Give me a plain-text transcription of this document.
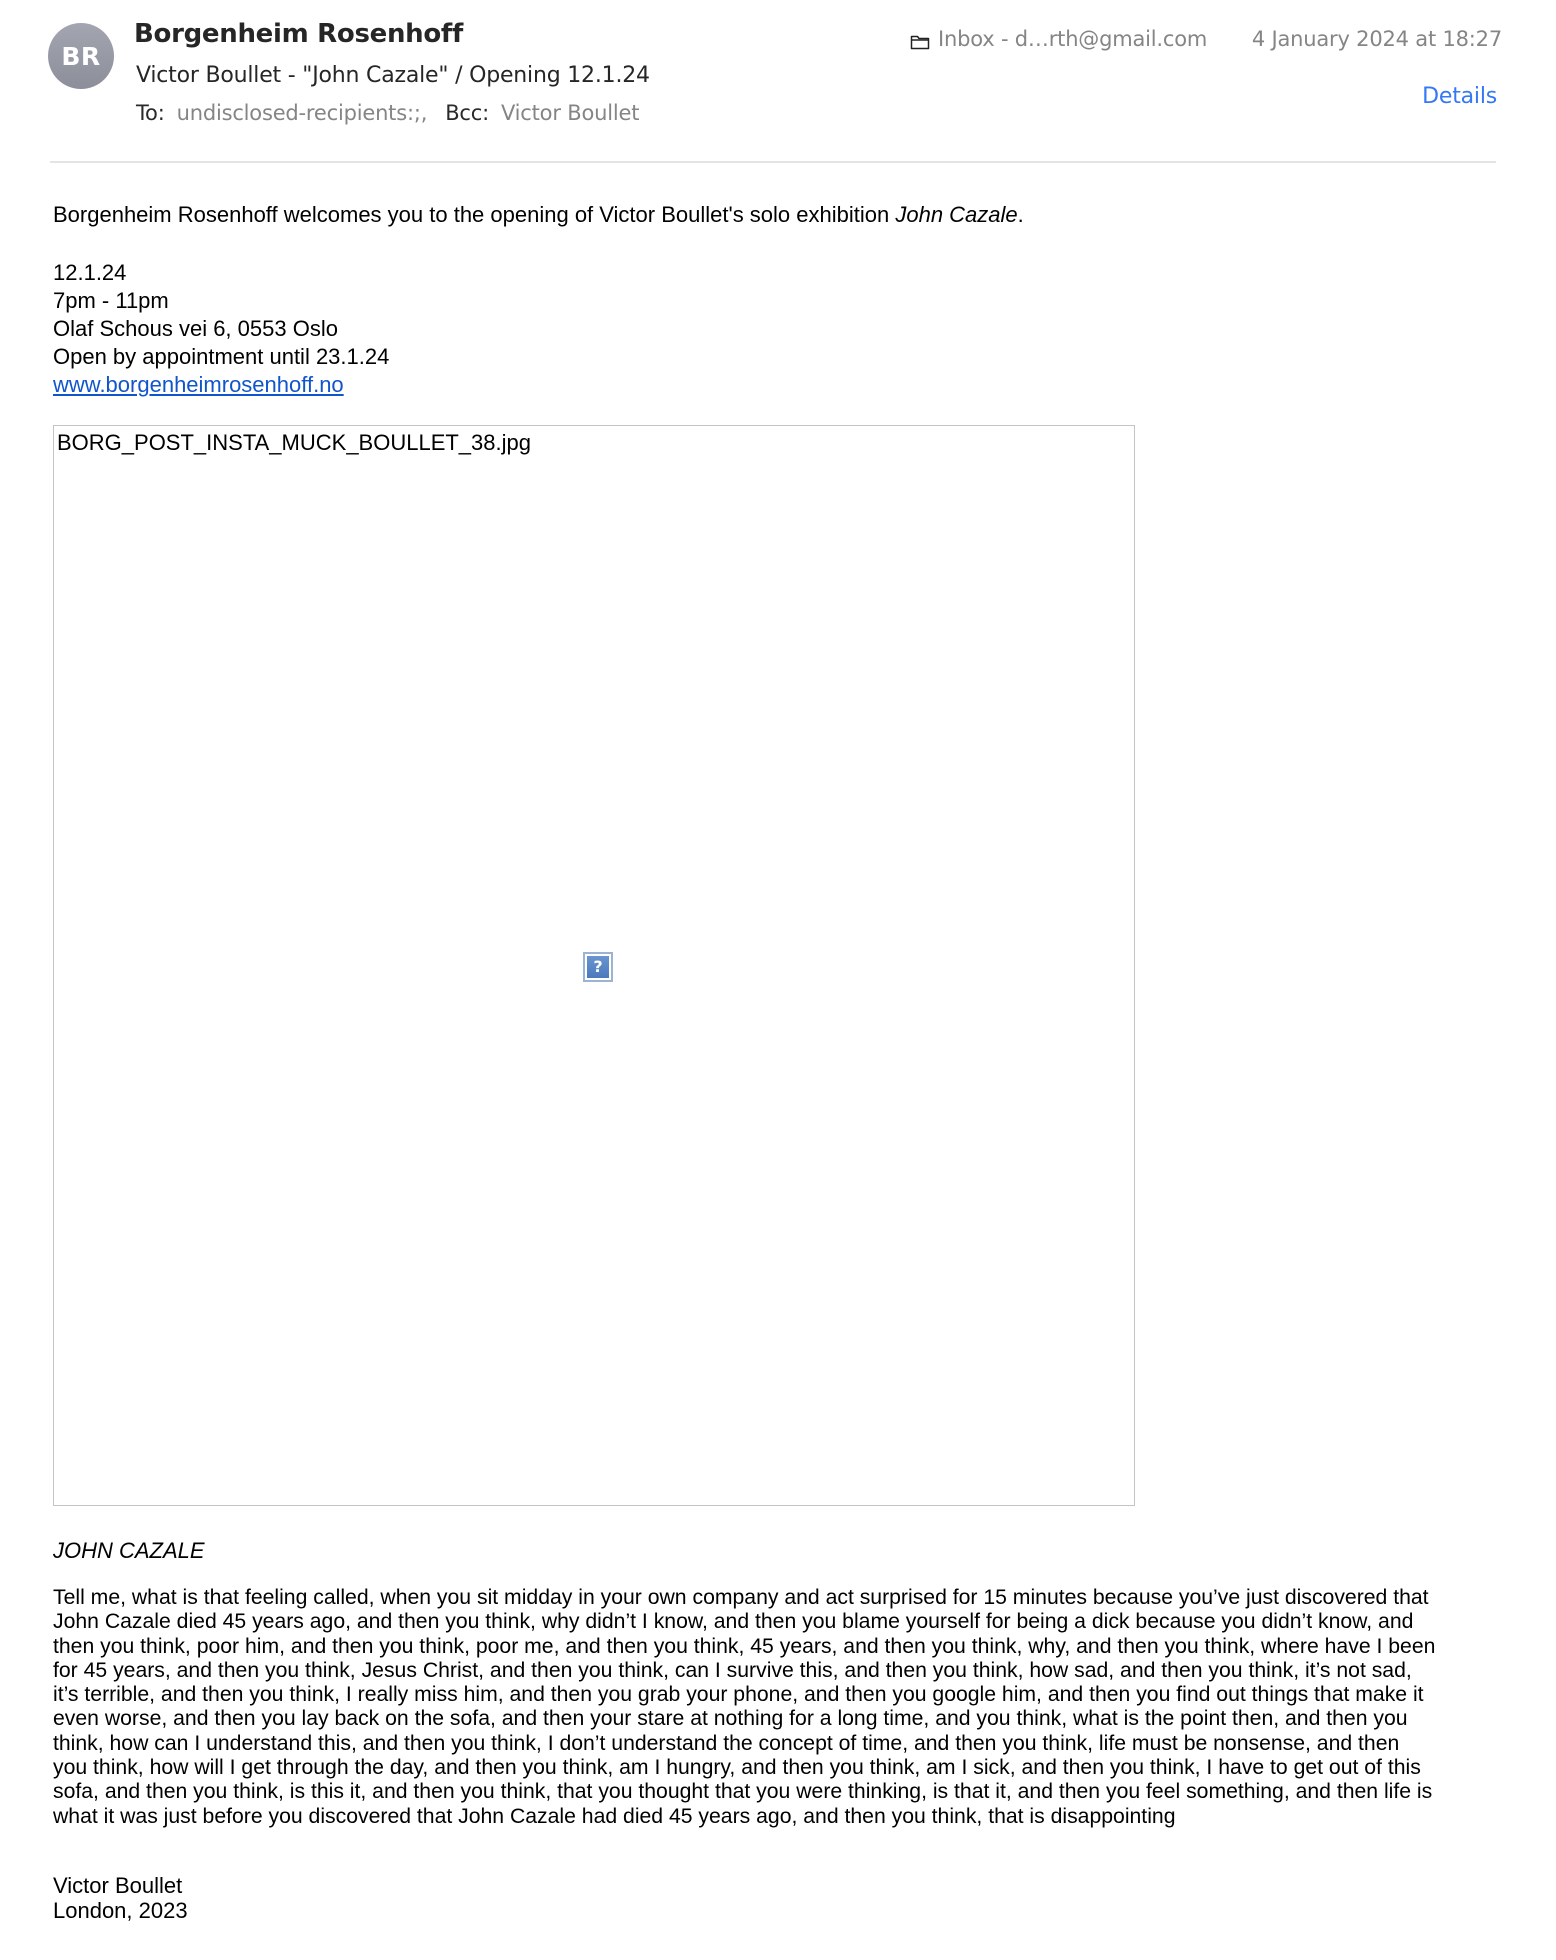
BR
Borgenheim Rosenhoff
Victor Boullet - "John Cazale" / Opening 12.1.24
To: undisclosed-recipients:;, Bcc: Victor Boullet
Inbox - d…rth@gmail.com 4 January 2024 at 18:27
Details
Borgenheim Rosenhoff welcomes you to the opening of Victor Boullet's solo exhibition John Cazale.
12.1.24
7pm - 11pm
Olaf Schous vei 6, 0553 Oslo
Open by appointment until 23.1.24
www.borgenheimrosenhoff.no
BORG_POST_INSTA_MUCK_BOULLET_38.jpg
?
JOHN CAZALE
Tell me, what is that feeling called, when you sit midday in your own company and act surprised for 15 minutes because you’ve just discovered that
John Cazale died 45 years ago, and then you think, why didn’t I know, and then you blame yourself for being a dick because you didn’t know, and
then you think, poor him, and then you think, poor me, and then you think, 45 years, and then you think, why, and then you think, where have I been
for 45 years, and then you think, Jesus Christ, and then you think, can I survive this, and then you think, how sad, and then you think, it’s not sad,
it’s terrible, and then you think, I really miss him, and then you grab your phone, and then you google him, and then you find out things that make it
even worse, and then you lay back on the sofa, and then your stare at nothing for a long time, and you think, what is the point then, and then you
think, how can I understand this, and then you think, I don’t understand the concept of time, and then you think, life must be nonsense, and then
you think, how will I get through the day, and then you think, am I hungry, and then you think, am I sick, and then you think, I have to get out of this
sofa, and then you think, is this it, and then you think, that you thought that you were thinking, is that it, and then you feel something, and then life is
what it was just before you discovered that John Cazale had died 45 years ago, and then you think, that is disappointing
Victor Boullet
London, 2023
